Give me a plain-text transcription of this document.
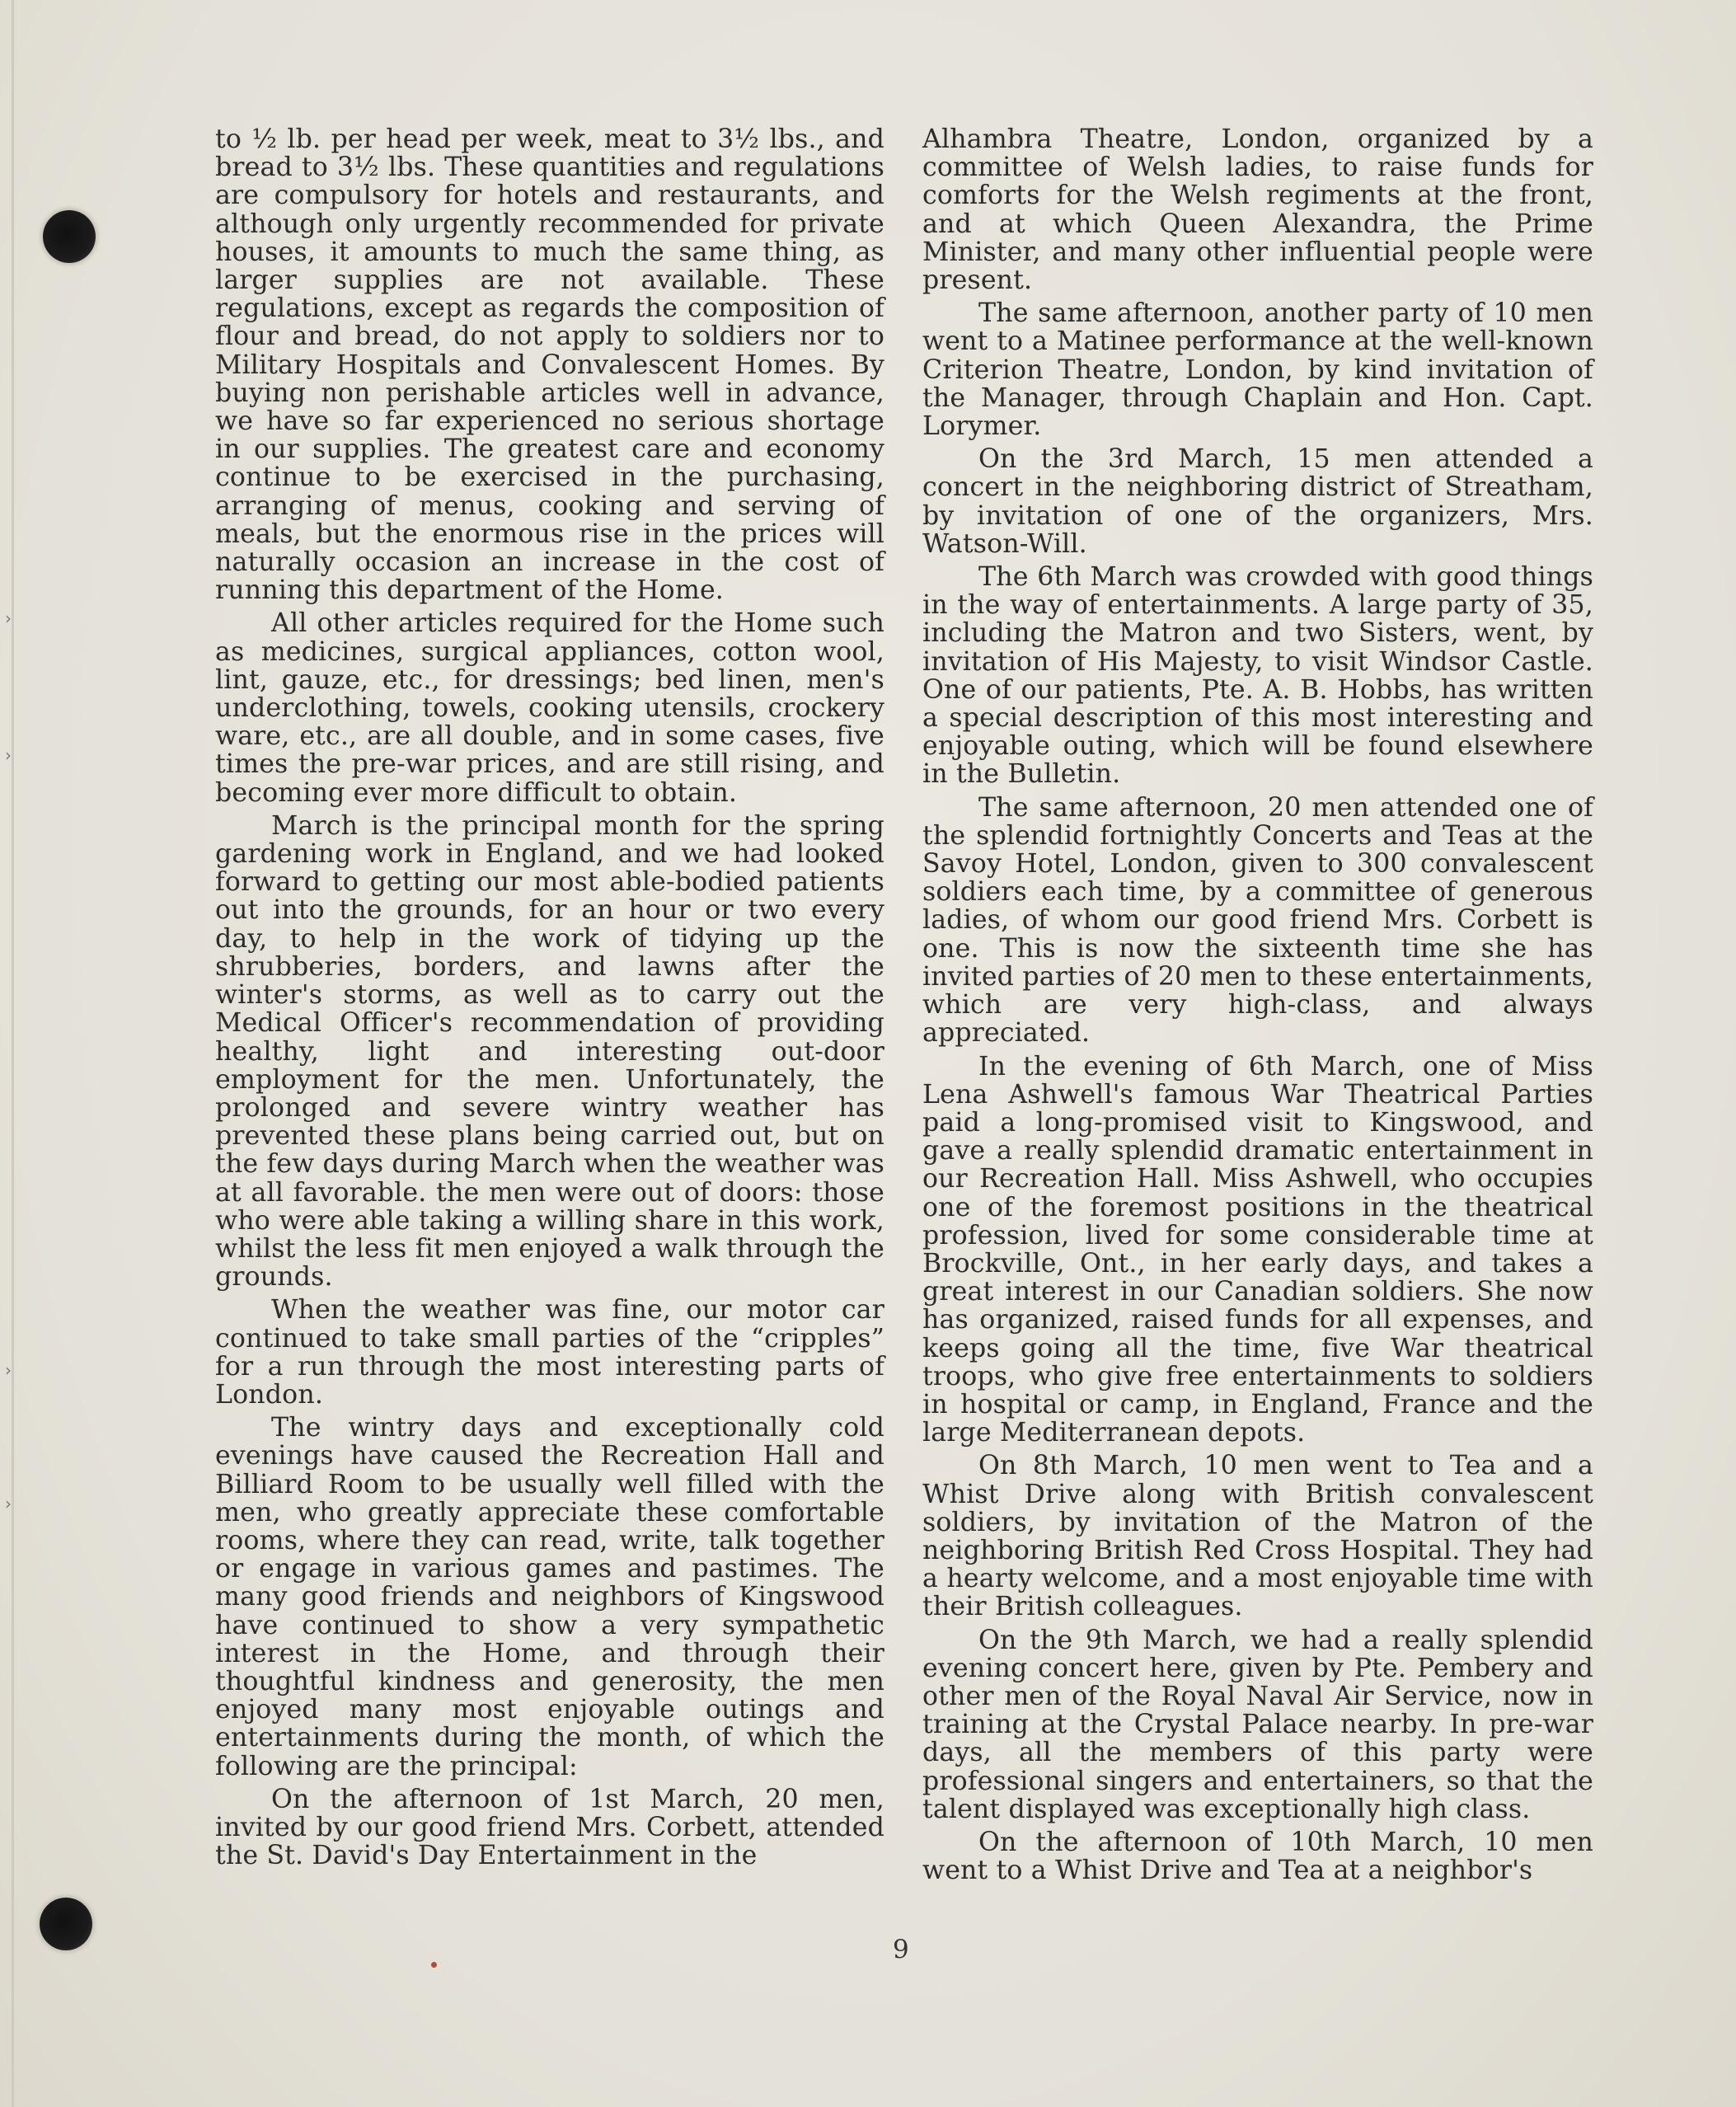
›
›
›
›

to ½ lb. per head per week, meat to 3½ lbs., and bread to 3½ lbs. These quantities and regulations are compulsory for hotels and restaurants, and although only urgently recommended for private houses, it amounts to much the same thing, as larger supplies are not available. These regulations, except as regards the composition of flour and bread, do not apply to soldiers nor to Military Hospitals and Convalescent Homes. By buying non perishable articles well in advance, we have so far experienced no serious shortage in our supplies. The greatest care and economy continue to be exercised in the purchasing, arranging of menus, cooking and serving of meals, but the enormous rise in the prices will naturally occasion an increase in the cost of running this department of the Home.

All other articles required for the Home such as medicines, surgical appliances, cotton wool, lint, gauze, etc., for dressings; bed linen, men's underclothing, towels, cooking utensils, crockery ware, etc., are all double, and in some cases, five times the pre-war prices, and are still rising, and becoming ever more difficult to obtain.

March is the principal month for the spring gardening work in England, and we had looked forward to getting our most able-bodied patients out into the grounds, for an hour or two every day, to help in the work of tidying up the shrubberies, borders, and lawns after the winter's storms, as well as to carry out the Medical Officer's recommendation of providing healthy, light and interesting out-door employment for the men. Unfortunately, the prolonged and severe wintry weather has prevented these plans being carried out, but on the few days during March when the weather was at all favorable. the men were out of doors: those who were able taking a willing share in this work, whilst the less fit men enjoyed a walk through the grounds.

When the weather was fine, our motor car continued to take small parties of the “cripples” for a run through the most interesting parts of London.

The wintry days and exceptionally cold evenings have caused the Recreation Hall and Billiard Room to be usually well filled with the men, who greatly appreciate these comfortable rooms, where they can read, write, talk together or engage in various games and pastimes. The many good friends and neighbors of Kingswood have continued to show a very sympathetic interest in the Home, and through their thoughtful kindness and generosity, the men enjoyed many most enjoyable outings and entertainments during the month, of which the following are the principal:

On the afternoon of 1st March, 20 men, invited by our good friend Mrs. Corbett, attended the St. David's Day Entertainment in the

Alhambra Theatre, London, organized by a committee of Welsh ladies, to raise funds for comforts for the Welsh regiments at the front, and at which Queen Alexandra, the Prime Minister, and many other influential people were present.

The same afternoon, another party of 10 men went to a Matinee performance at the well-known Criterion Theatre, London, by kind invitation of the Manager, through Chaplain and Hon. Capt. Lorymer.

On the 3rd March, 15 men attended a concert in the neighboring district of Streatham, by invitation of one of the organizers, Mrs. Watson-Will.

The 6th March was crowded with good things in the way of entertainments. A large party of 35, including the Matron and two Sisters, went, by invitation of His Majesty, to visit Windsor Castle. One of our patients, Pte. A. B. Hobbs, has written a special description of this most interesting and enjoyable outing, which will be found elsewhere in the Bulletin.

The same afternoon, 20 men attended one of the splendid fortnightly Concerts and Teas at the Savoy Hotel, London, given to 300 convalescent soldiers each time, by a committee of generous ladies, of whom our good friend Mrs. Corbett is one. This is now the sixteenth time she has invited parties of 20 men to these entertainments, which are very high-class, and always appreciated.

In the evening of 6th March, one of Miss Lena Ashwell's famous War Theatrical Parties paid a long-promised visit to Kingswood, and gave a really splendid dramatic entertainment in our Recreation Hall. Miss Ashwell, who occupies one of the foremost positions in the theatrical profession, lived for some considerable time at Brockville, Ont., in her early days, and takes a great interest in our Canadian soldiers. She now has organized, raised funds for all expenses, and keeps going all the time, five War theatrical troops, who give free entertainments to soldiers in hospital or camp, in England, France and the large Mediterranean depots.

On 8th March, 10 men went to Tea and a Whist Drive along with British convalescent soldiers, by invitation of the Matron of the neighboring British Red Cross Hospital. They had a hearty welcome, and a most enjoyable time with their British colleagues.

On the 9th March, we had a really splendid evening concert here, given by Pte. Pembery and other men of the Royal Naval Air Service, now in training at the Crystal Palace nearby. In pre-war days, all the members of this party were professional singers and entertainers, so that the talent displayed was exceptionally high class.

On the afternoon of 10th March, 10 men went to a Whist Drive and Tea at a neighbor's

9
